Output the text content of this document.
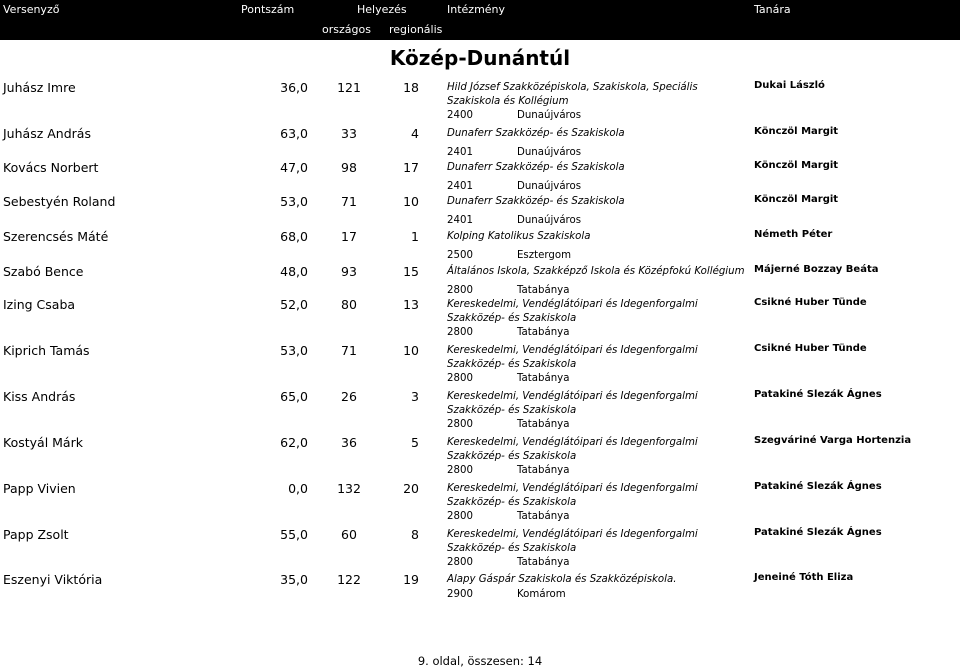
Versenyző	Pontszám	Helyezés
országos regionális
Intézmény	Tanára
Közép-Dunántúl
Juhász Imre	36,0	121	18	Hild József Szakközépiskola, Szakiskola, Speciális Szakiskola és Kollégium
2400	Dunaújváros
Dukai László
Juhász András	63,0	33	4	Dunaferr Szakközép- és Szakiskola
2401	Dunaújváros
Könczöl Margit
Kovács Norbert	47,0	98	17	Dunaferr Szakközép- és Szakiskola
2401	Dunaújváros
Könczöl Margit
Sebestyén Roland	53,0	71	10	Dunaferr Szakközép- és Szakiskola
2401	Dunaújváros
Könczöl Margit
Szerencsés Máté	68,0	17	1	Kolping Katolikus Szakiskola
2500	Esztergom
Németh Péter
Szabó Bence	48,0	93	15	Általános Iskola, Szakképző Iskola és Középfokú Kollégium
2800	Tatabánya
Májerné Bozzay Beáta
Izing Csaba	52,0	80	13	Kereskedelmi, Vendéglátóipari és Idegenforgalmi Szakközép- és Szakiskola
2800	Tatabánya
Csikné Huber Tünde
Kiprich Tamás	53,0	71	10	Kereskedelmi, Vendéglátóipari és Idegenforgalmi Szakközép- és Szakiskola
2800	Tatabánya
Csikné Huber Tünde
Kiss András	65,0	26	3	Kereskedelmi, Vendéglátóipari és Idegenforgalmi Szakközép- és Szakiskola
2800	Tatabánya
Patakiné Slezák Ágnes
Kostyál Márk	62,0	36	5	Kereskedelmi, Vendéglátóipari és Idegenforgalmi Szakközép- és Szakiskola
2800	Tatabánya
Szegváriné Varga Hortenzia
Papp Vivien	0,0	132	20	Kereskedelmi, Vendéglátóipari és Idegenforgalmi Szakközép- és Szakiskola
2800	Tatabánya
Patakiné Slezák Ágnes
Papp Zsolt	55,0	60	8	Kereskedelmi, Vendéglátóipari és Idegenforgalmi Szakközép- és Szakiskola
2800	Tatabánya
Patakiné Slezák Ágnes
Eszenyi Viktória	35,0	122	19	Alapy Gáspár Szakiskola és Szakközépiskola.
2900	Komárom
Jeneiné Tóth Eliza
9. oldal, összesen: 14
